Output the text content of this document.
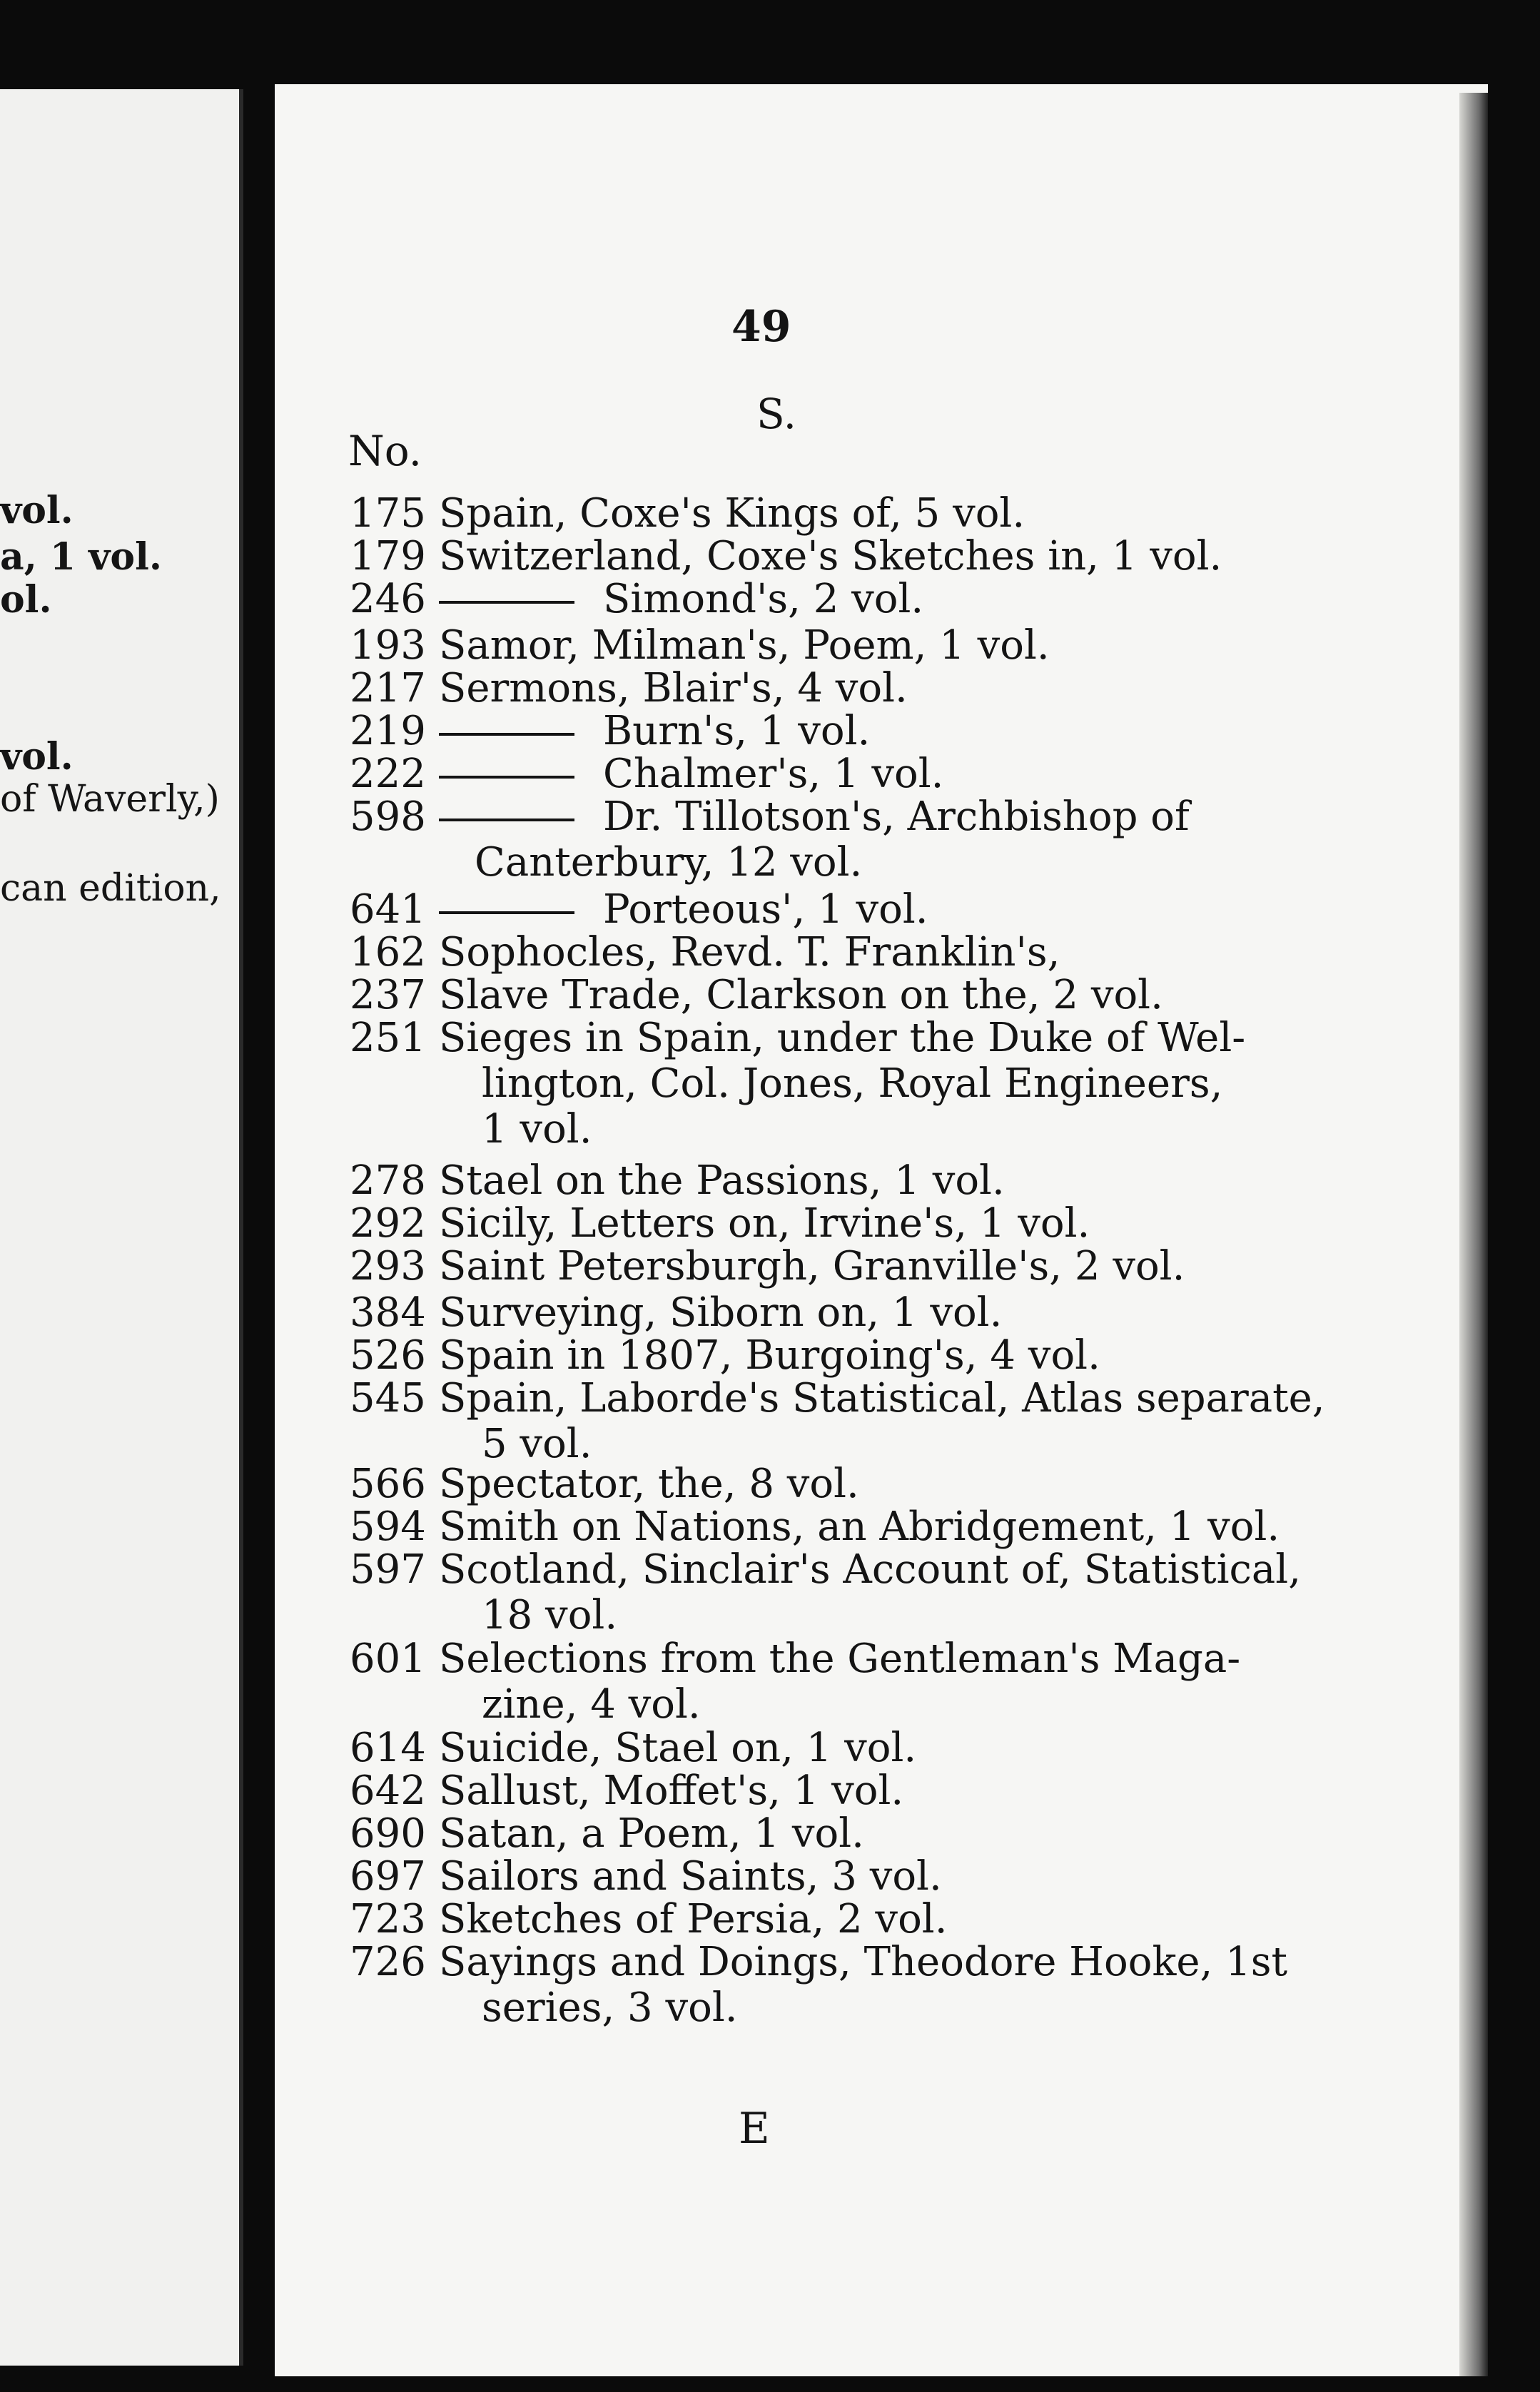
vol.
a, 1 vol.
ol.
vol.
of Waverly,)
can edition,
49
S.
No.
175 Spain, Coxe's Kings of, 5 vol.
179 Switzerland, Coxe's Sketches in, 1 vol.
246	Simond's, 2 vol.
193 Samor, Milman's, Poem, 1 vol.
217 Sermons, Blair's, 4 vol.
219	Burn's, 1 vol.
222	Chalmer's, 1 vol.
598	Dr. Tillotson's, Archbishop of
Canterbury, 12 vol.
641	Porteous', 1 vol.
162 Sophocles, Revd. T. Franklin's,
237 Slave Trade, Clarkson on the, 2 vol.
251 Sieges in Spain, under the Duke of Wel-
lington, Col. Jones, Royal Engineers,
1 vol.
278 Stael on the Passions, 1 vol.
292 Sicily, Letters on, Irvine's, 1 vol.
293 Saint Petersburgh, Granville's, 2 vol.
384 Surveying, Siborn on, 1 vol.
526 Spain in 1807, Burgoing's, 4 vol.
545 Spain, Laborde's Statistical, Atlas separate,
5 vol.
566 Spectator, the, 8 vol.
594 Smith on Nations, an Abridgement, 1 vol.
597 Scotland, Sinclair's Account of, Statistical,
18 vol.
601 Selections from the Gentleman's Maga-
zine, 4 vol.
614 Suicide, Stael on, 1 vol.
642 Sallust, Moffet's, 1 vol.
690 Satan, a Poem, 1 vol.
697 Sailors and Saints, 3 vol.
723 Sketches of Persia, 2 vol.
726 Sayings and Doings, Theodore Hooke, 1st
series, 3 vol.
E
